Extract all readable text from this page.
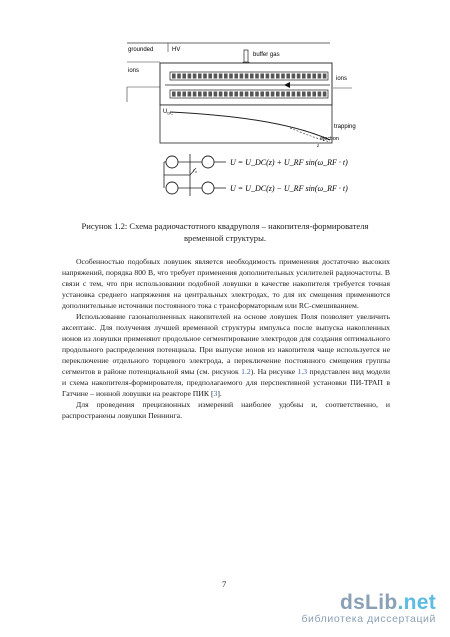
grounded	HV
buffer gas
ions
ions
$U_{DC}$
trapping
ejection
z
$r_0$
U = U_DC(z) + U_RF sin(ω_RF · t)
U = U_DC(z) − U_RF sin(ω_RF · t)
Рисунок 1.2: Схема радиочастотного квадруполя – накопителя-формирователя временной структуры.

Особенностью подобных ловушек является необходимость применения достаточно высоких напряжений, порядка 800 В, что требует применения дополнительных усилителей радиочастоты. В связи с тем, что при использовании подобной ловушки в качестве накопителя требуется точная установка среднего напряжения на центральных электродах, то для их смещения применяются дополнительные источники постоянного тока с трансформаторным или RC-смешиванием.

Использование газонаполненных накопителей на основе ловушек Поля позволяет увеличить аксептанс. Для получения лучшей временной структуры импульса после выпуска накопленных ионов из ловушки применяют продольное сегментирование электродов для создания оптимального продольного распределения потенциала. При выпуске ионов из накопителя чаще используется не переключение отдельного торцевого электрода, а переключение постоянного смещения группы сегментов в районе потенциальной ямы (см. рисунок 1.2). На рисунке 1.3 представлен вид модели и схема накопителя-формирователя, предполагаемого для перспективной установки ПИ-ТРАП в Гатчине – ионной ловушки на реакторе ПИК [3].

Для проведения прецизионных измерений наиболее удобны и, соответственно, и распространены ловушки Пеннинга.

7
dsLib.net
библиотека диссертаций
